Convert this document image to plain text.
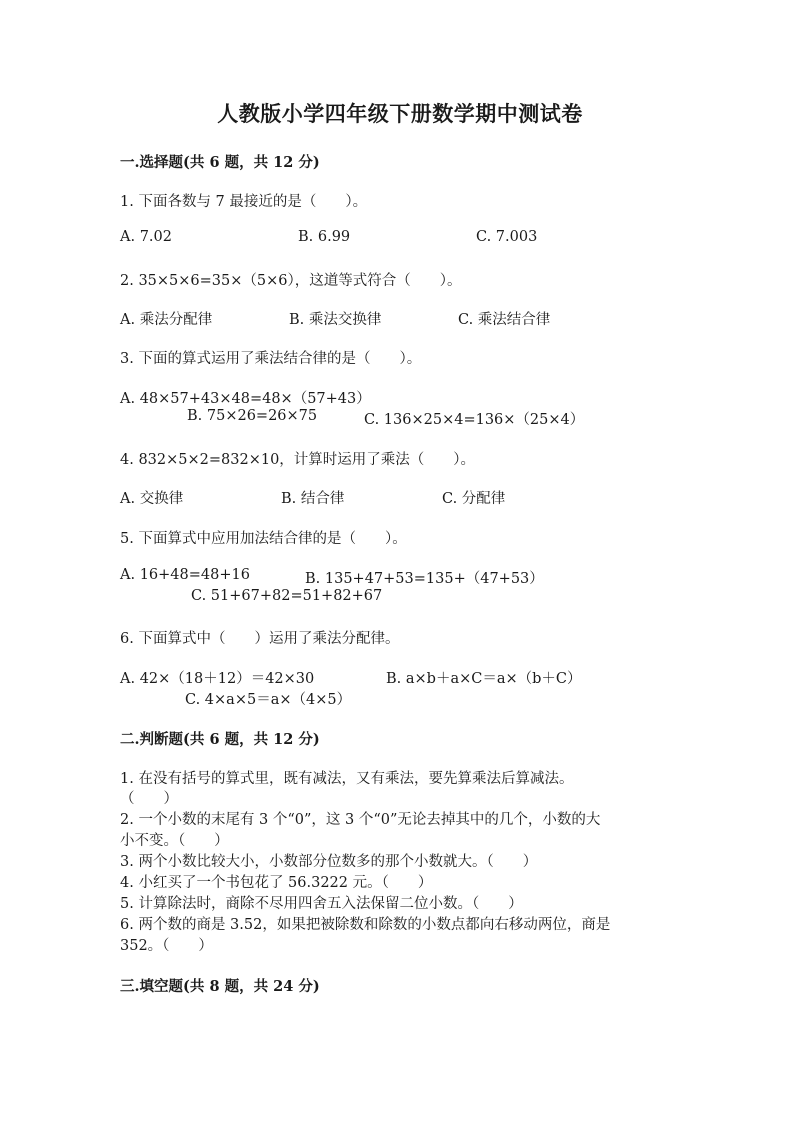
人教版小学四年级下册数学期中测试卷
一.选择题(共 6 题，共 12 分)
1. 下面各数与 7 最接近的是（　　）。
A. 7.02	B. 6.99	C. 7.003
2. 35×5×6=35×（5×6），这道等式符合（　　）。
A. 乘法分配律	B. 乘法交换律	C. 乘法结合律
3. 下面的算式运用了乘法结合律的是（　　）。
A. 48×57+43×48=48×（57+43）
B. 75×26=26×75	C. 136×25×4=136×（25×4）
4. 832×5×2=832×10，计算时运用了乘法（　　）。
A. 交换律	B. 结合律	C. 分配律
5. 下面算式中应用加法结合律的是（　　）。
A. 16+48=48+16	B. 135+47+53=135+（47+53）
C. 51+67+82=51+82+67
6. 下面算式中（　　）运用了乘法分配律。
A. 42×（18＋12）＝42×30	B. a×b＋a×C＝a×（b＋C）
C. 4×a×5＝a×（4×5）
二.判断题(共 6 题，共 12 分)
1. 在没有括号的算式里，既有减法，又有乘法，要先算乘法后算减法。
（　　）
2. 一个小数的末尾有 3 个“0”，这 3 个“0”无论去掉其中的几个，小数的大
小不变。（　　）
3. 两个小数比较大小，小数部分位数多的那个小数就大。（　　）
4. 小红买了一个书包花了 56.3222 元。（　　）
5. 计算除法时，商除不尽用四舍五入法保留二位小数。（　　）
6. 两个数的商是 3.52，如果把被除数和除数的小数点都向右移动两位，商是
352。（　　）
三.填空题(共 8 题，共 24 分)
